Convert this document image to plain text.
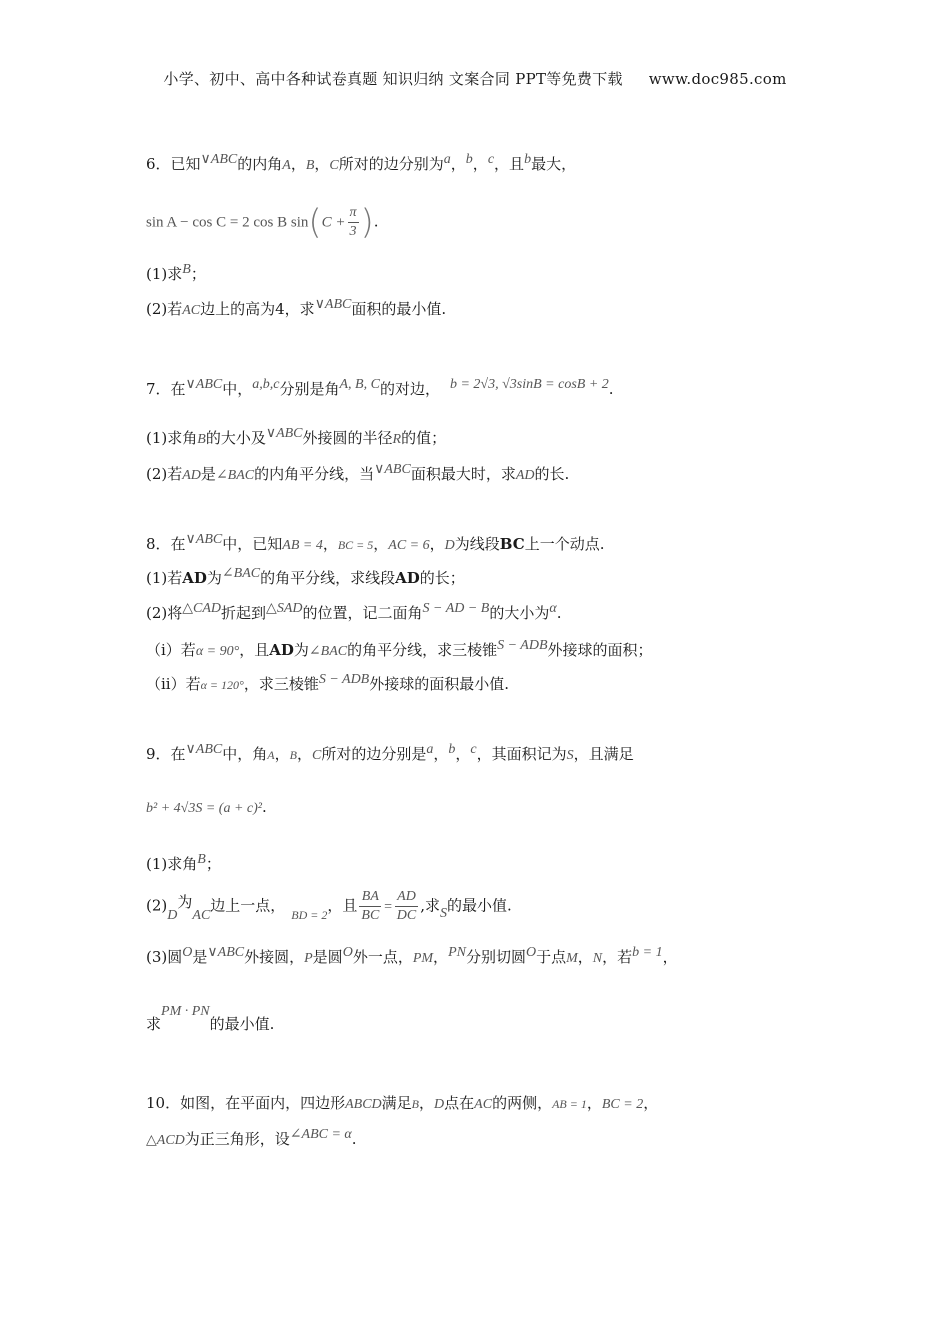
小学、初中、高中各种试卷真题 知识归纳 文案合同 PPT等免费下载 www.doc985.com
6．已知∨ABC的内角A，B，C所对的边分别为a，b，c，且b最大，
sin A − cos C = 2 cos B $\sin(C + \frac{\pi}{3}$ ).
(1)求B；
(2)若AC边上的高为4，求∨ABC面积的最小值.
7．在∨ABC中，a,b,c分别是角A, B, C的对边， b = 2√3, √3sinB = cosB + 2.
(1)求角B的大小及∨ABC外接圆的半径R的值；
(2)若AD是∠BAC的内角平分线，当∨ABC面积最大时，求AD的长.
8．在∨ABC中，已知AB = 4，BC = 5，AC = 6，D为线段BC上一个动点.
(1)若AD为∠BAC的角平分线，求线段AD的长；
(2)将△CAD折起到△SAD的位置，记二面角S − AD − B的大小为α.
（i）若α = 90°，且AD为∠BAC的角平分线，求三棱锥S − ADB外接球的面积；
（ii）若α = 120°，求三棱锥S − ADB外接球的面积最小值.
9．在∨ABC中，角A，B，C所对的边分别是a，b，c，其面积记为S，且满足
b² + 4√3S = (a + c)².
(1)求角B；
(2)D为AC边上一点， $_{BD = 2}$，且 $\frac{BA}{BC} = \frac{AD}{DC}$ ,求S的最小值.
(3)圆O是∨ABC外接圆，P是圆O外一点，PM，PN分别切圆O于点M，N，若b = 1，
求PM · PN的最小值.
10．如图，在平面内，四边形ABCD满足B，D点在AC的两侧，AB = 1，BC = 2，
△ACD为正三角形，设∠ABC = α.
